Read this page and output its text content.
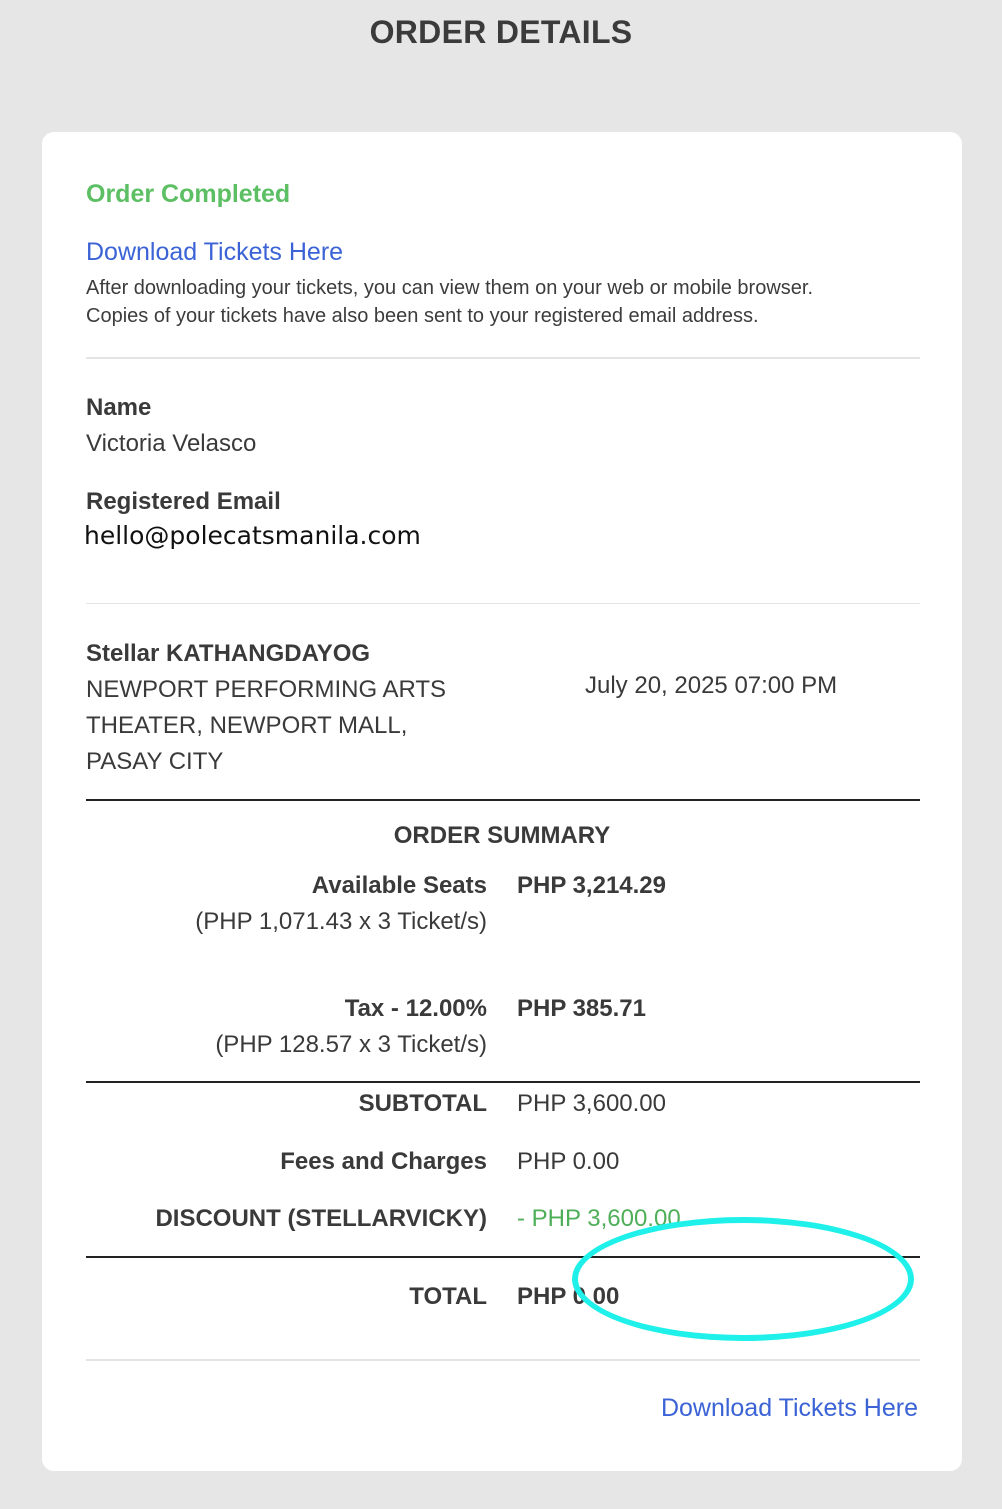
ORDER DETAILS
Order Completed
Download Tickets Here
After downloading your tickets, you can view them on your web or mobile browser.
Copies of your tickets have also been sent to your registered email address.
Name
Victoria Velasco
Registered Email
hello@polecatsmanila.com
Stellar KATHANGDAYOG
NEWPORT PERFORMING ARTS
THEATER, NEWPORT MALL,
PASAY CITY
July 20, 2025 07:00 PM
ORDER SUMMARY
Available Seats
(PHP 1,071.43 x 3 Ticket/s)
PHP 3,214.29
Tax - 12.00%
(PHP 128.57 x 3 Ticket/s)
PHP 385.71
SUBTOTAL PHP 3,600.00
Fees and Charges PHP 0.00
DISCOUNT (STELLARVICKY) - PHP 3,600.00
TOTAL PHP 0.00
Download Tickets Here
